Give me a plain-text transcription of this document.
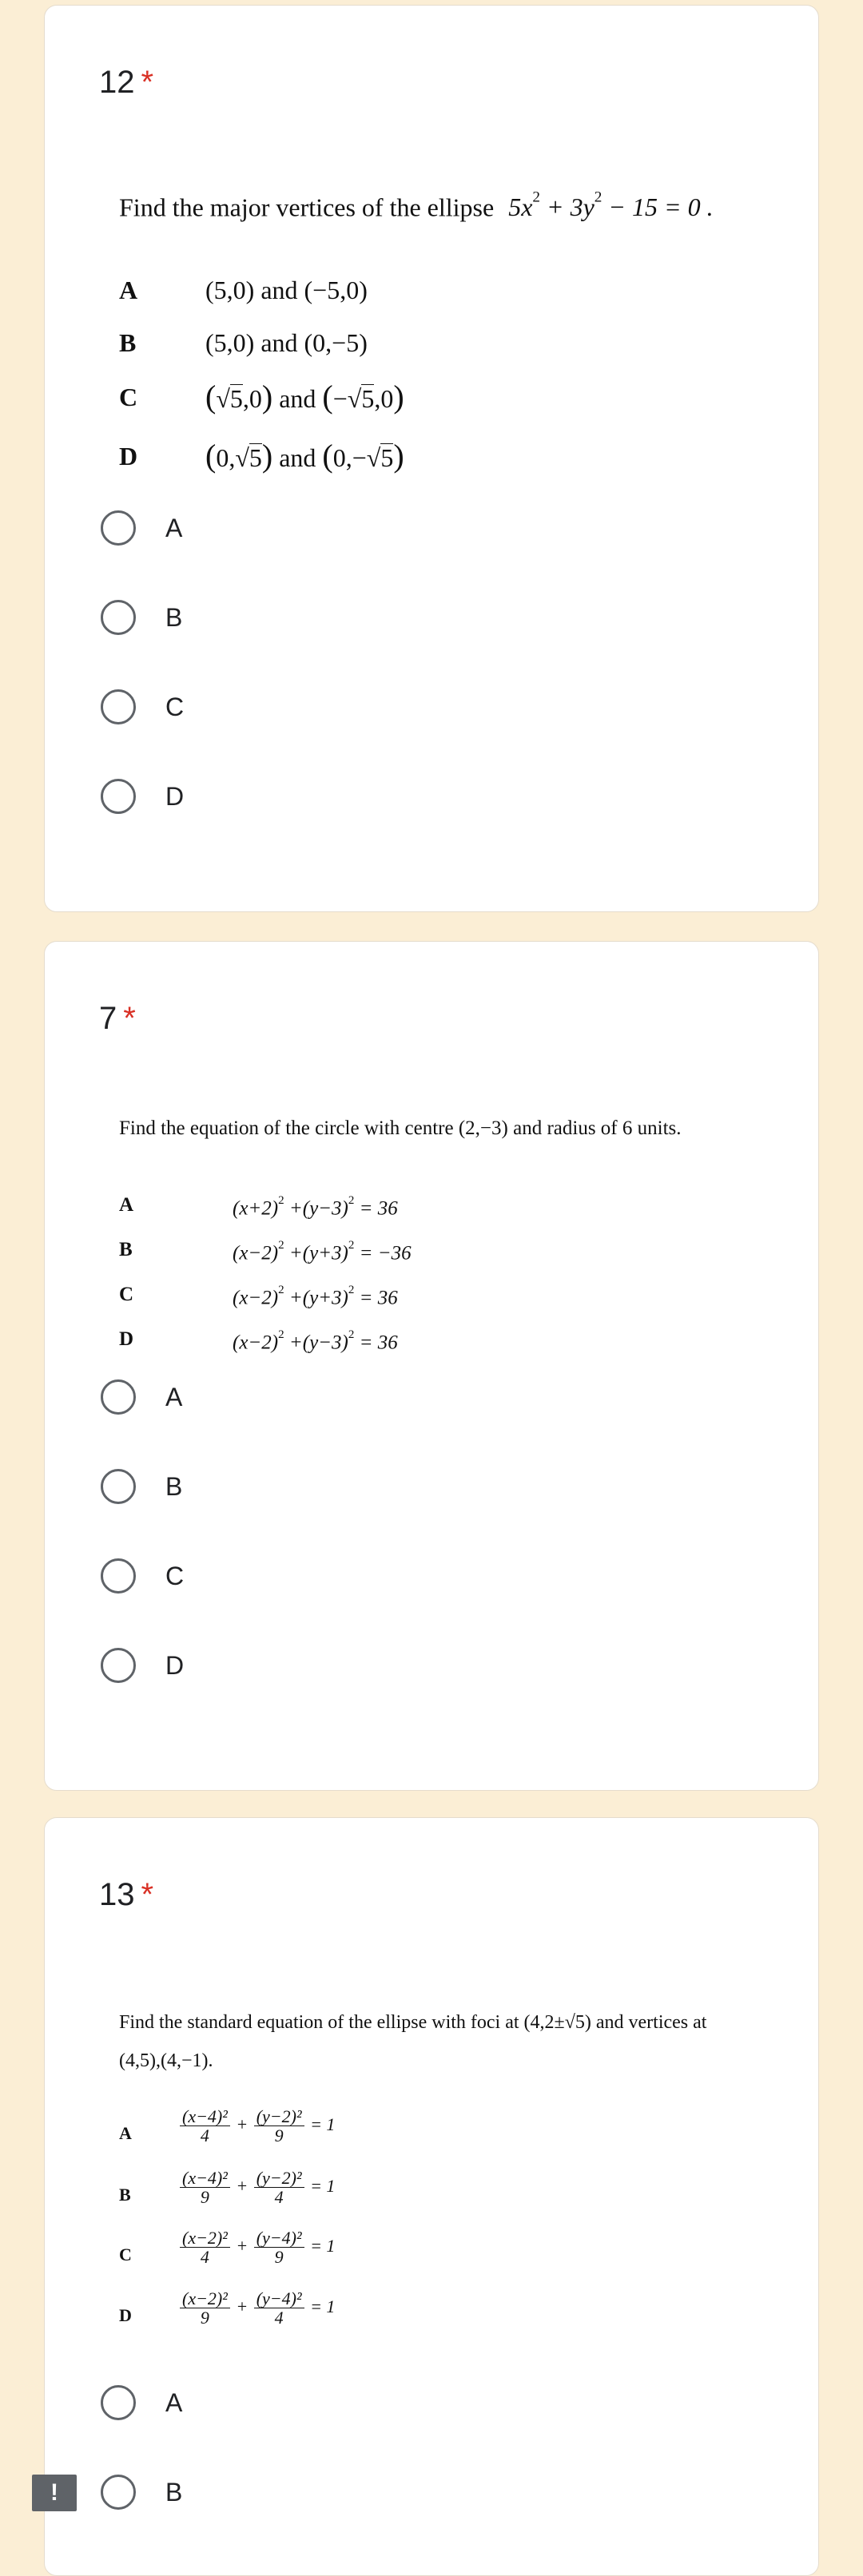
12 *
Find the major vertices of the ellipse $5x^2 + 3y^2 - 15 = 0$ .
A	(5,0) and (−5,0)
B	(5,0) and (0,−5)
C (√5,0) and (−√5,0)
D (0,√5) and (0,−√5)
A
B
C
D
7 *
Find the equation of the circle with centre (2,−3) and radius of 6 units.
A	$(x+2)^2 +(y-3)^2 = 36$
B	$(x-2)^2 +(y+3)^2 = -36$
C	$(x-2)^2 +(y+3)^2 = 36$
D	$(x-2)^2 +(y-3)^2 = 36$
A
B
C
D
13 *
Find the standard equation of the ellipse with foci at (4,2±√5) and vertices at
(4,5),(4,−1).
A	$\frac{\text{(x−4)²}}{4} + \frac{\text{(y−2)²}}{9} = 1$
B	$\frac{\text{(x−4)²}}{9} + \frac{\text{(y−2)²}}{4} = 1$
C	$\frac{\text{(x−2)²}}{4} + \frac{\text{(y−4)²}}{9} = 1$
D	$\frac{\text{(x−2)²}}{9} + \frac{\text{(y−4)²}}{4} = 1$
A
B
!
